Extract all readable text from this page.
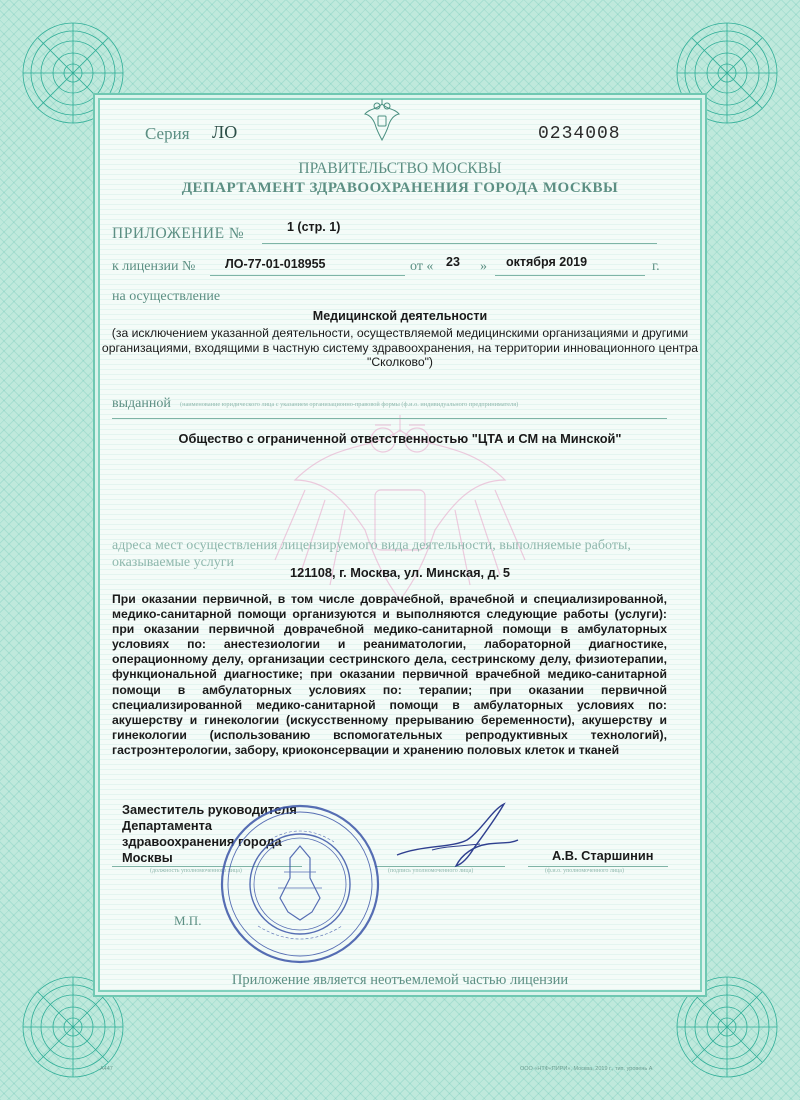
Серия ЛО	0234008
ПРАВИТЕЛЬСТВО МОСКВЫ
ДЕПАРТАМЕНТ ЗДРАВООХРАНЕНИЯ ГОРОДА МОСКВЫ
ПРИЛОЖЕНИЕ №	1 (стр. 1)
к лицензии № ЛО-77-01-018955	от « 23 » октября 2019	г.
на осуществление
Медицинской деятельности
(за исключением указанной деятельности, осуществляемой медицинскими организациями и другими организациями, входящими в частную систему здравоохранения, на территории инновационного центра "Сколково")
выданной (наименование юридического лица с указанием организационно-правовой формы (ф.и.о. индивидуального предпринимателя)
Общество с ограниченной ответственностью "ЦТА и СМ на Минской"
адреса мест осуществления лицензируемого вида деятельности, выполняемые работы, оказываемые услуги
121108, г. Москва, ул. Минская, д. 5
При оказании первичной, в том числе доврачебной, врачебной и специализированной, медико-санитарной помощи организуются и выполняются следующие работы (услуги): при оказании первичной доврачебной медико-санитарной помощи в амбулаторных условиях по: анестезиологии и реаниматологии, лабораторной диагностике, операционному делу, организации сестринского дела, сестринскому делу, физиотерапии, функциональной диагностике; при оказании первичной врачебной медико-санитарной помощи в амбулаторных условиях по: терапии; при оказании первичной специализированной медико-санитарной помощи в амбулаторных условиях по: акушерству и гинекологии (искусственному прерыванию беременности), акушерству и гинекологии (использованию вспомогательных репродуктивных технологий), гастроэнтерологии, забору, криоконсервации и хранению половых клеток и тканей
Заместитель руководителя
Департамента
здравоохранения города
Москвы
(должность уполномоченного лица)	(подпись уполномоченного лица)	(ф.и.о. уполномоченного лица)
А.В. Старшинин
М.П.
Приложение является неотъемлемой частью лицензии
А447	ООО «НТФ«ПИРИ», Москва, 2019 г., тип. уровень А
